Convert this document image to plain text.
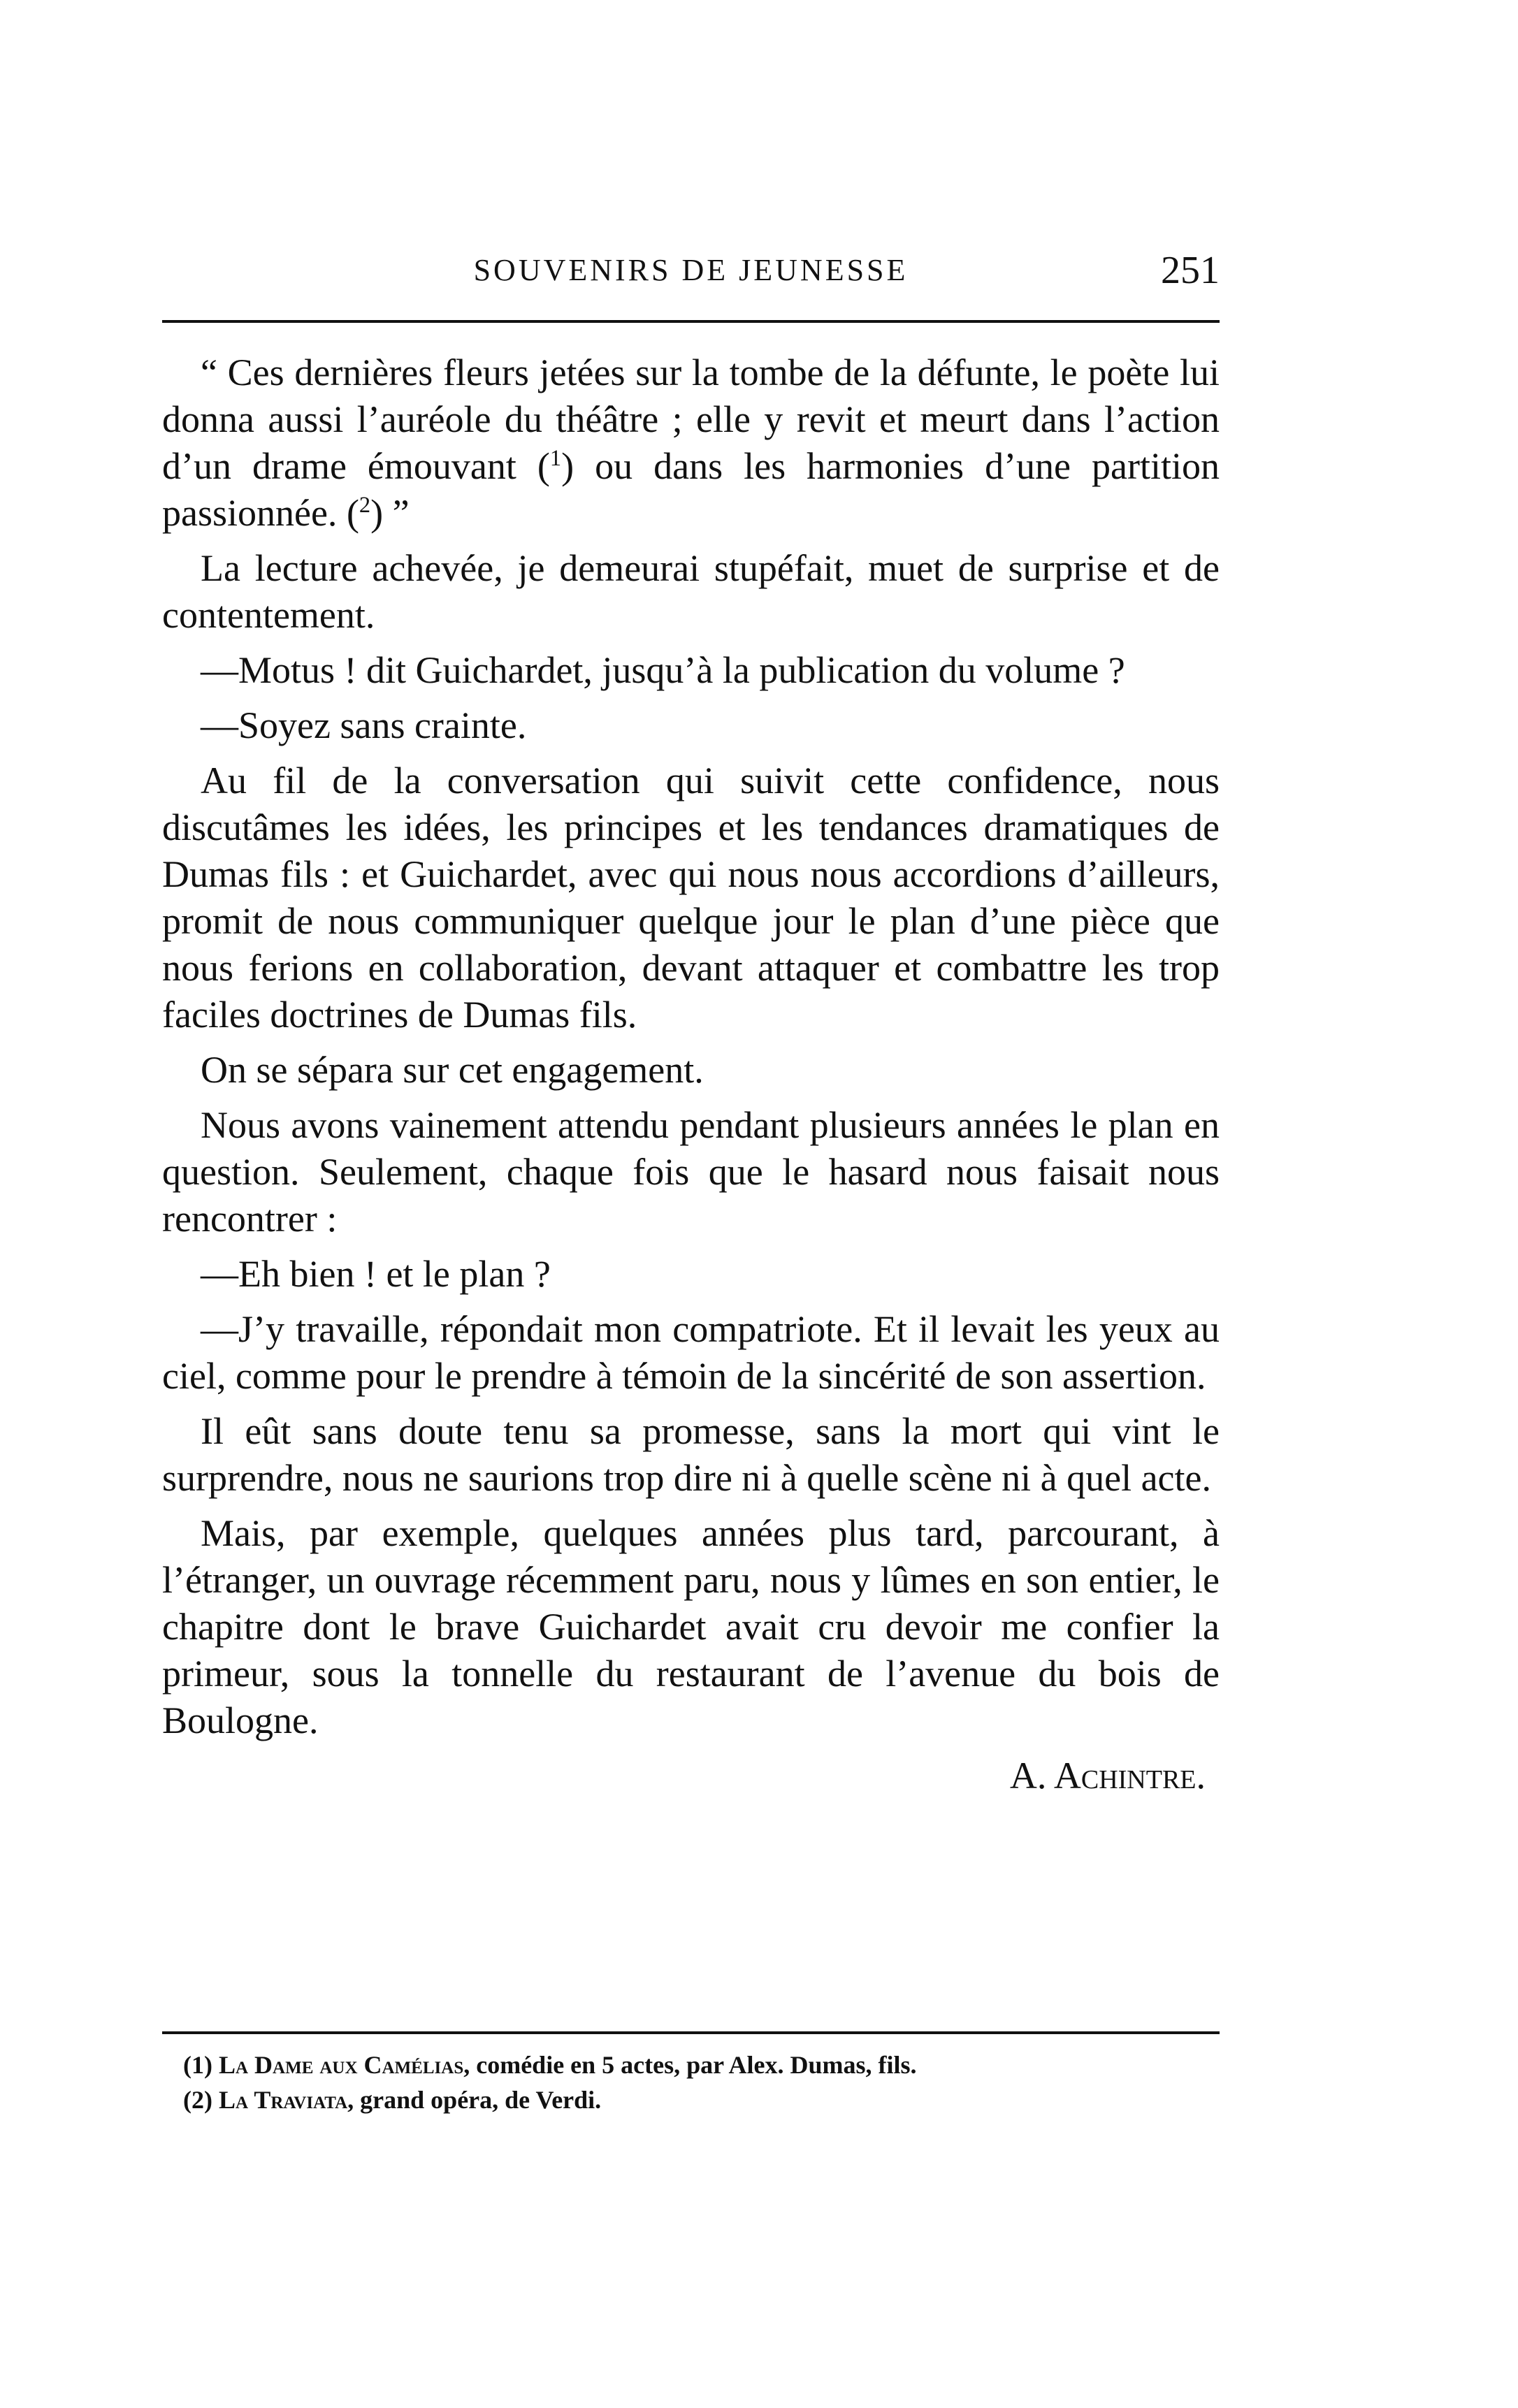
SOUVENIRS DE JEUNESSE	251

“ Ces dernières fleurs jetées sur la tombe de la défunte, le poète lui donna aussi l’auréole du théâtre ; elle y revit et meurt dans l’action d’un drame émouvant ($^1$) ou dans les harmonies d’une partition passionnée. ($^2$) ”

La lecture achevée, je demeurai stupéfait, muet de surprise et de contentement.

—Motus ! dit Guichardet, jusqu’à la publication du volume ?

—Soyez sans crainte.

Au fil de la conversation qui suivit cette confidence, nous discutâmes les idées, les principes et les tendances dramatiques de Dumas fils : et Guichardet, avec qui nous nous accordions d’ailleurs, promit de nous communiquer quelque jour le plan d’une pièce que nous ferions en collaboration, devant attaquer et combattre les trop faciles doctrines de Dumas fils.

On se sépara sur cet engagement.

Nous avons vainement attendu pendant plusieurs années le plan en question. Seulement, chaque fois que le hasard nous faisait nous rencontrer :

—Eh bien ! et le plan ?

—J’y travaille, répondait mon compatriote. Et il levait les yeux au ciel, comme pour le prendre à témoin de la sincérité de son assertion.

Il eût sans doute tenu sa promesse, sans la mort qui vint le surprendre, nous ne saurions trop dire ni à quelle scène ni à quel acte.

Mais, par exemple, quelques années plus tard, parcourant, à l’étranger, un ouvrage récemment paru, nous y lûmes en son entier, le chapitre dont le brave Guichardet avait cru devoir me confier la primeur, sous la tonnelle du restaurant de l’avenue du bois de Boulogne.

A. Achintre.

(1) La Dame aux Camélias, comédie en 5 actes, par Alex. Dumas, fils.

(2) La Traviata, grand opéra, de Verdi.
